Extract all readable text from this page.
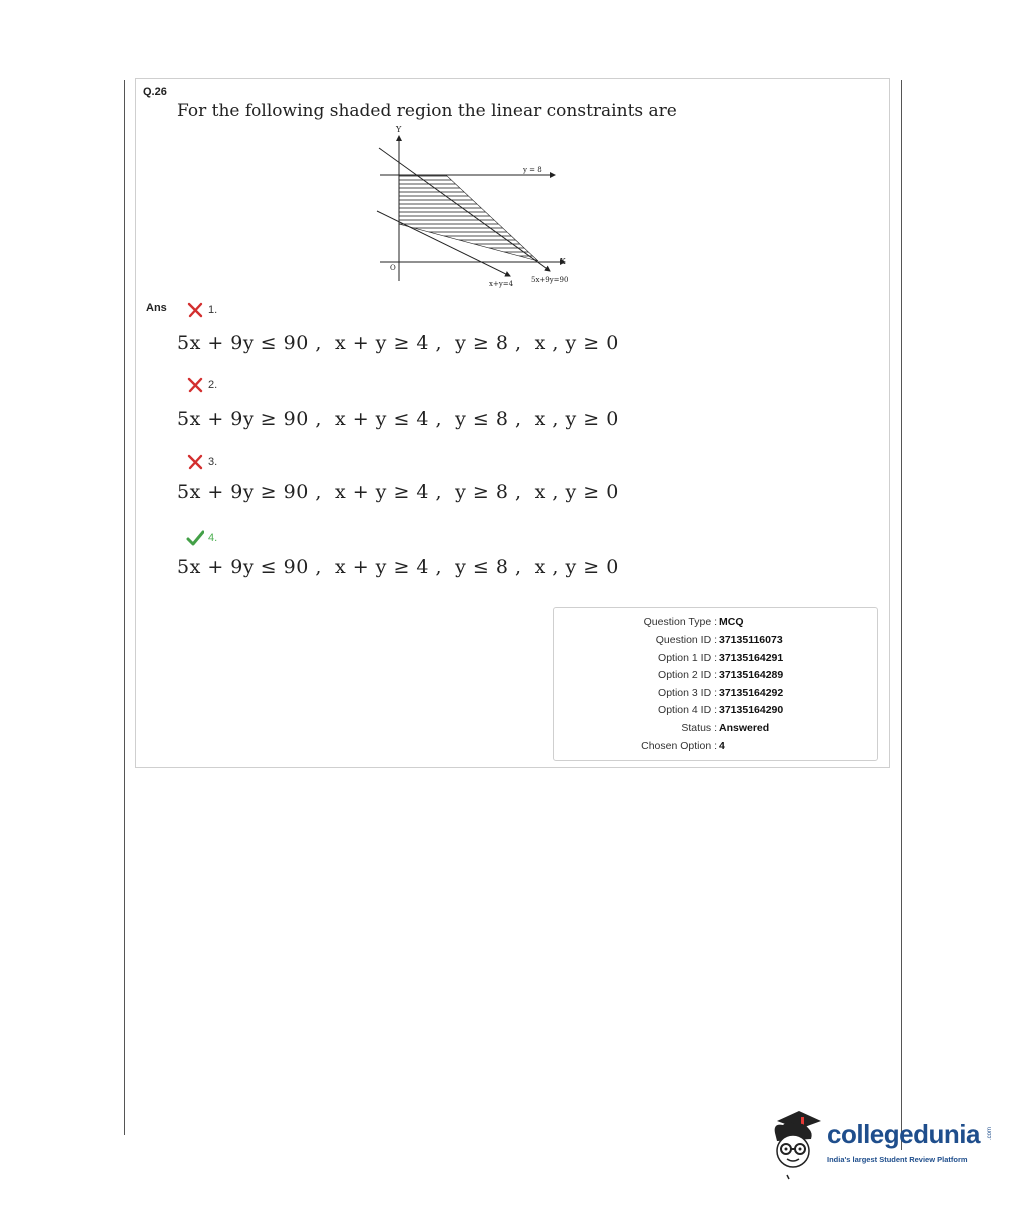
Q.26
For the following shaded region the linear constraints are
Y
X
O
y = 8
x+y=4	5x+9y=90
Ans	1.
5x + 9y ≤ 90 ,  x + y ≥ 4 ,  y ≥ 8 ,  x , y ≥ 0
2.
5x + 9y ≥ 90 ,  x + y ≤ 4 ,  y ≤ 8 ,  x , y ≥ 0
3.
5x + 9y ≥ 90 ,  x + y ≥ 4 ,  y ≥ 8 ,  x , y ≥ 0
4.
5x + 9y ≤ 90 ,  x + y ≥ 4 ,  y ≤ 8 ,  x , y ≥ 0
Question Type : MCQ
Question ID : 37135116073
Option 1 ID : 37135164291
Option 2 ID : 37135164289
Option 3 ID : 37135164292
Option 4 ID : 37135164290
Status : Answered
Chosen Option : 4
collegedunia .com
India's largest Student Review Platform
